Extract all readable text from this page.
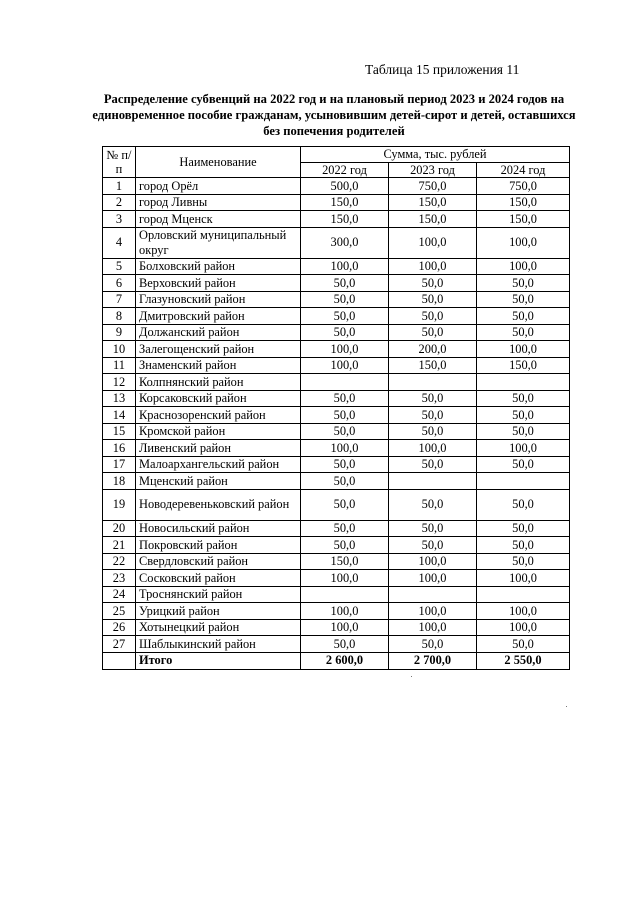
Таблица 15 приложения 11
Распределение субвенций на 2022 год и на плановый период 2023 и 2024 годов на единовременное пособие гражданам, усыновившим детей-сирот и детей, оставшихся без попечения родителей
№ п/п	Наименование	Сумма, тыс. рублей		
		2022 год	2023 год	2024 год
1	город Орёл	500,0	750,0	750,0
2	город Ливны	150,0	150,0	150,0
3	город Мценск	150,0	150,0	150,0
4	Орловский муниципальный округ	300,0	100,0	100,0
5	Болховский район	100,0	100,0	100,0
6	Верховский район	50,0	50,0	50,0
7	Глазуновский район	50,0	50,0	50,0
8	Дмитровский район	50,0	50,0	50,0
9	Должанский район	50,0	50,0	50,0
10	Залегощенский район	100,0	200,0	100,0
11	Знаменский район	100,0	150,0	150,0
12	Колпнянский район			
13	Корсаковский район	50,0	50,0	50,0
14	Краснозоренский район	50,0	50,0	50,0
15	Кромской район	50,0	50,0	50,0
16	Ливенский район	100,0	100,0	100,0
17	Малоархангельский район	50,0	50,0	50,0
18	Мценский район	50,0		
19	Новодеревеньковский район	50,0	50,0	50,0
20	Новосильский район	50,0	50,0	50,0
21	Покровский район	50,0	50,0	50,0
22	Свердловский район	150,0	100,0	50,0
23	Сосковский район	100,0	100,0	100,0
24	Троснянский район			
25	Урицкий район	100,0	100,0	100,0
26	Хотынецкий район	100,0	100,0	100,0
27	Шаблыкинский район	50,0	50,0	50,0
	Итого	2 600,0	2 700,0	2 550,0
